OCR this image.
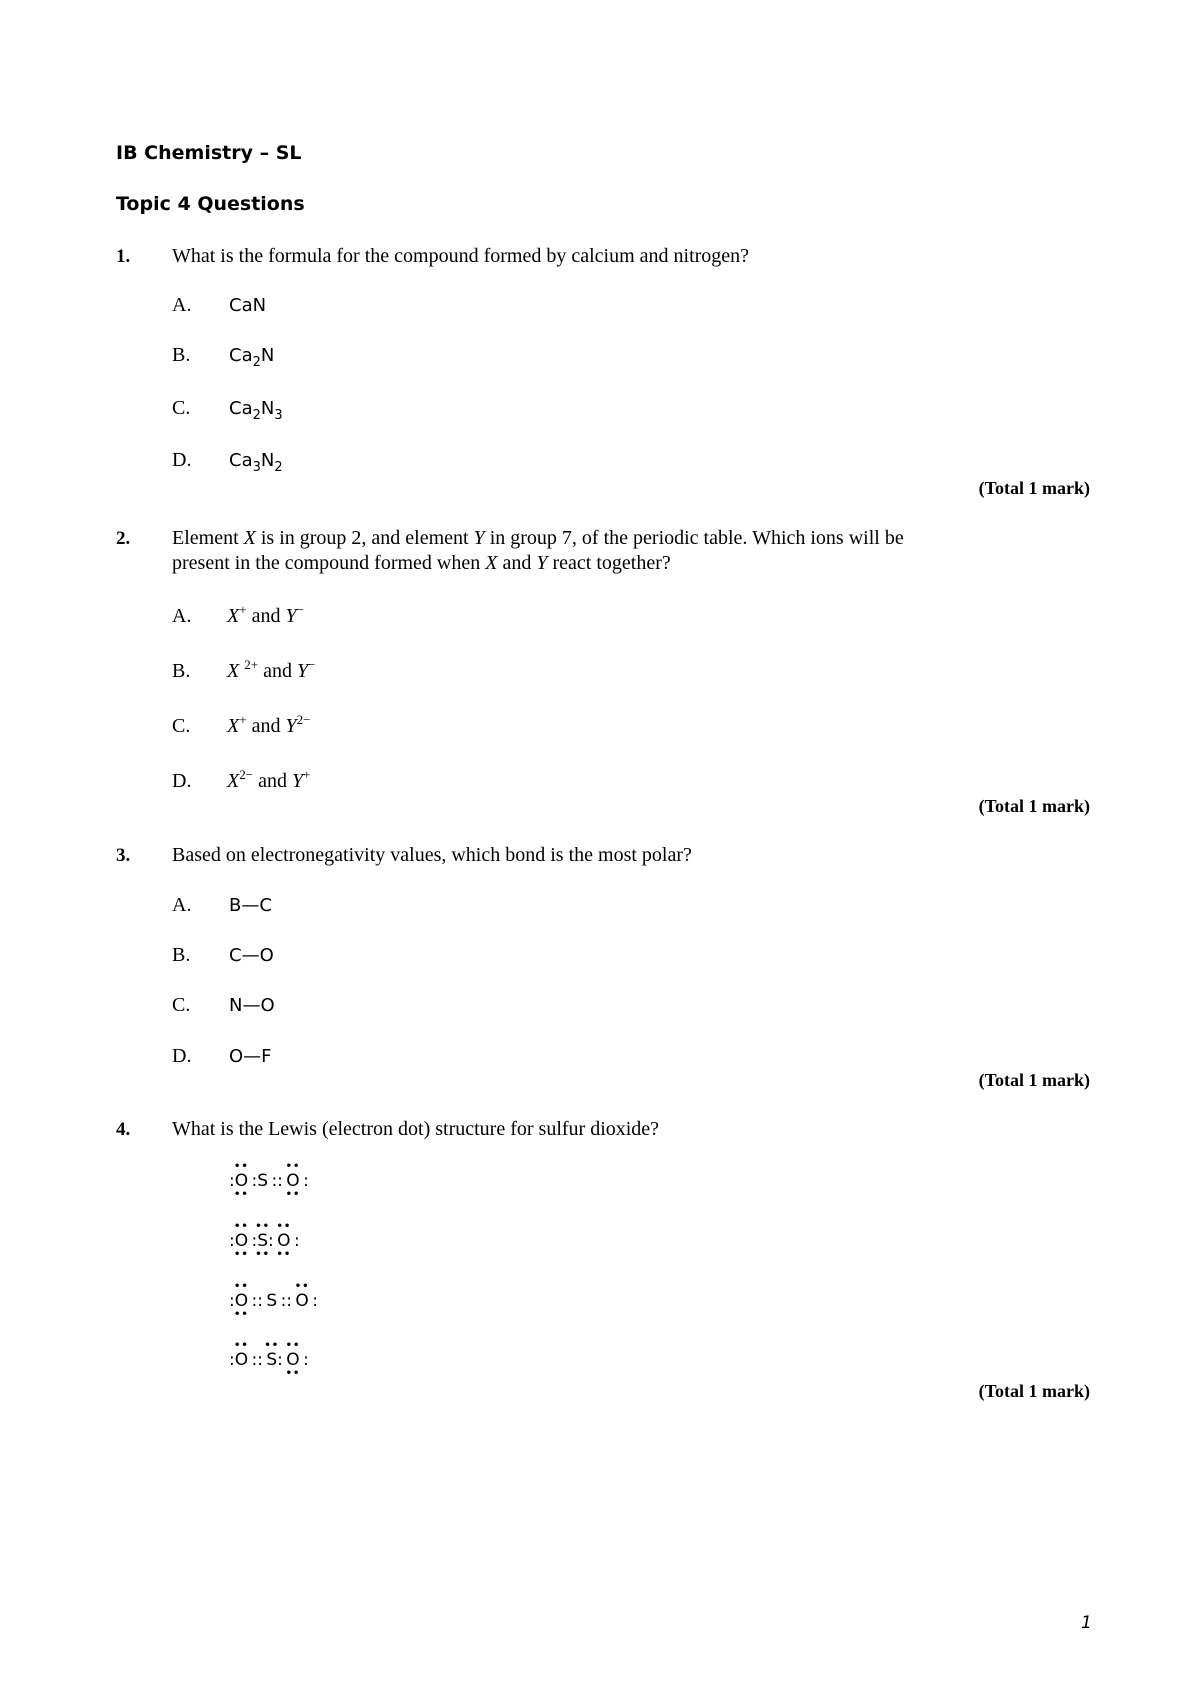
IB Chemistry – SL
Topic 4 Questions
1. What is the formula for the compound formed by calcium and nitrogen?
A. CaN
B. $Ca_2N$
C. $Ca_2N_3$
D. $Ca_3N_2$
(Total 1 mark)
2. Element X is in group 2, and element Y in group 7, of the periodic table. Which ions will be
present in the compound formed when X and Y react together?
A. X+ and Y−
B. X $^{2+}$ and Y−
C. X+ and $Y^{2-}$
D. $X^{2-}$ and Y+
(Total 1 mark)
3. Based on electronegativity values, which bond is the most polar?
A. B—C
B. C—O
C. N—O
D. O—F
(Total 1 mark)
4. What is the Lewis (electron dot) structure for sulfur dioxide?
:O
••
••
 :S :: O
••
••
 :
:O
••
••
 :S
••
••
: O
••
••
 :
:O
••
••
 :: S :: O
••
 :
:O
••
 :: S
••
: O
••
••
 :
(Total 1 mark)
1
